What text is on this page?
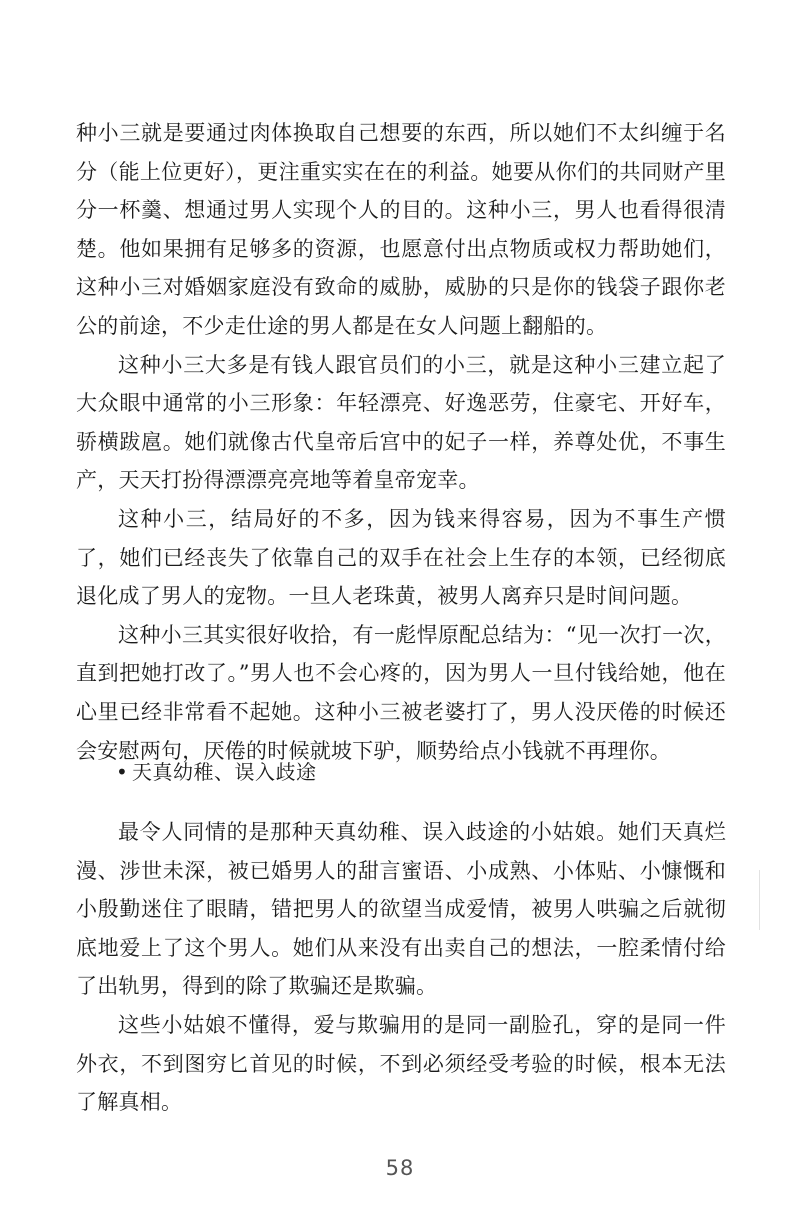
种小三就是要通过肉体换取自己想要的东西，所以她们不太纠缠于名分（能上位更好），更注重实实在在的利益。她要从你们的共同财产里分一杯羹、想通过男人实现个人的目的。这种小三，男人也看得很清楚。他如果拥有足够多的资源，也愿意付出点物质或权力帮助她们，这种小三对婚姻家庭没有致命的威胁，威胁的只是你的钱袋子跟你老公的前途，不少走仕途的男人都是在女人问题上翻船的。

这种小三大多是有钱人跟官员们的小三，就是这种小三建立起了大众眼中通常的小三形象：年轻漂亮、好逸恶劳，住豪宅、开好车，骄横跋扈。她们就像古代皇帝后宫中的妃子一样，养尊处优，不事生产，天天打扮得漂漂亮亮地等着皇帝宠幸。

这种小三，结局好的不多，因为钱来得容易，因为不事生产惯了，她们已经丧失了依靠自己的双手在社会上生存的本领，已经彻底退化成了男人的宠物。一旦人老珠黄，被男人离弃只是时间问题。

这种小三其实很好收拾，有一彪悍原配总结为：“见一次打一次，直到把她打改了。”男人也不会心疼的，因为男人一旦付钱给她，他在心里已经非常看不起她。这种小三被老婆打了，男人没厌倦的时候还会安慰两句，厌倦的时候就坡下驴，顺势给点小钱就不再理你。

• 天真幼稚、误入歧途

最令人同情的是那种天真幼稚、误入歧途的小姑娘。她们天真烂漫、涉世未深，被已婚男人的甜言蜜语、小成熟、小体贴、小慷慨和小殷勤迷住了眼睛，错把男人的欲望当成爱情，被男人哄骗之后就彻底地爱上了这个男人。她们从来没有出卖自己的想法，一腔柔情付给了出轨男，得到的除了欺骗还是欺骗。

这些小姑娘不懂得，爱与欺骗用的是同一副脸孔，穿的是同一件外衣，不到图穷匕首见的时候，不到必须经受考验的时候，根本无法了解真相。

58
